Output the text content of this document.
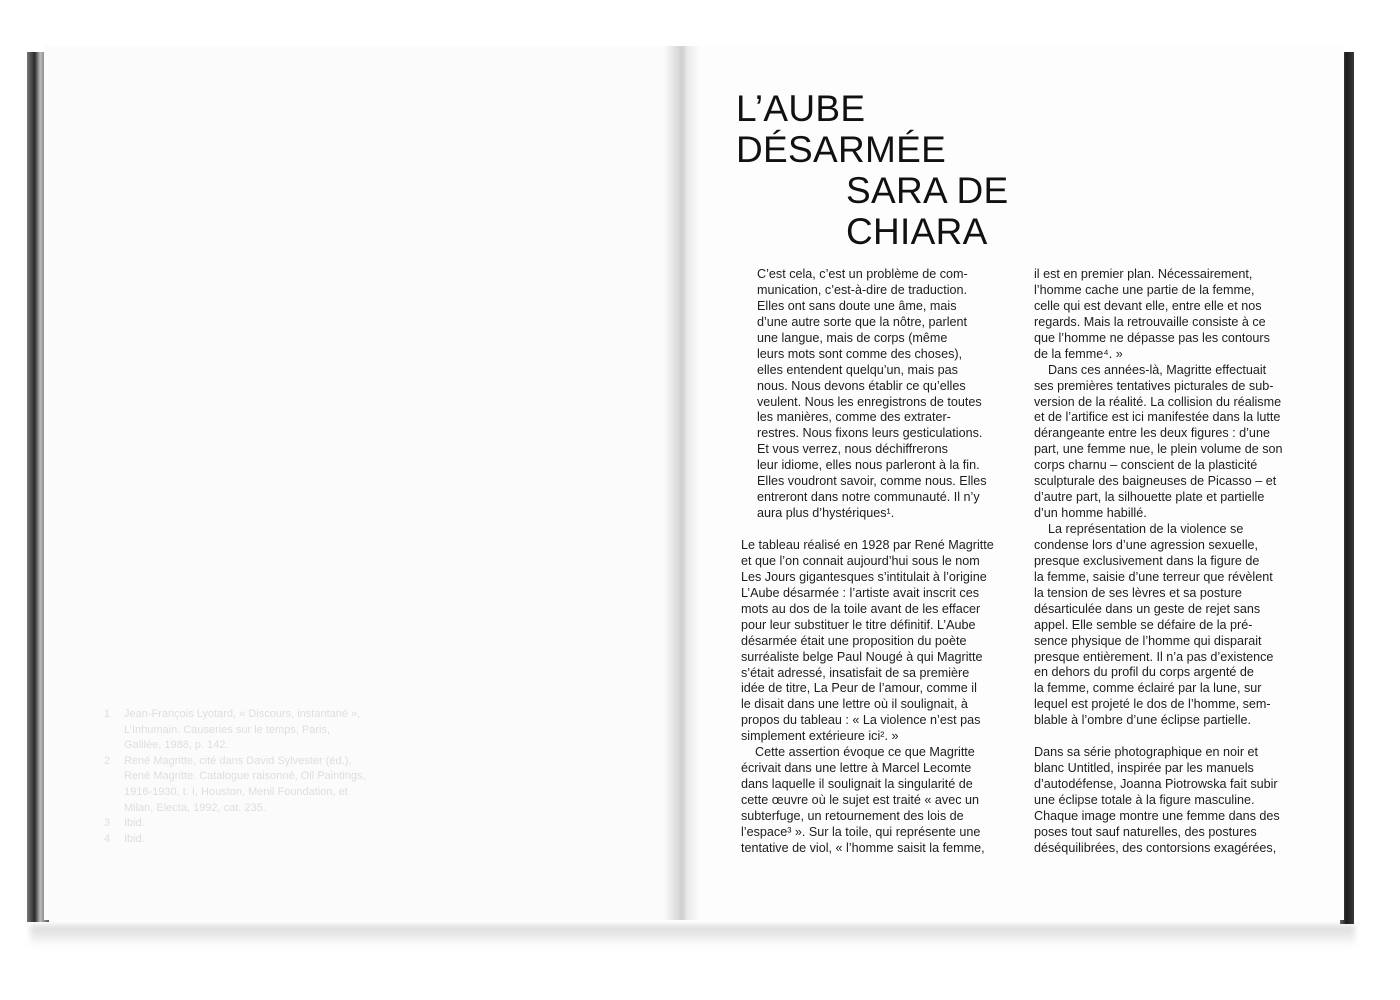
1	Jean-François Lyotard, « Discours, instantané », L’Inhumain. Causeries sur le temps, Paris, Galilée, 1988, p. 142.
2	René Magritte, cité dans David Sylvester (éd.), René Magritte. Catalogue raisonné, Oil Paintings, 1916-1930, t. I, Houston, Menil Foundation, et Milan, Electa, 1992, cat. 235.
3	Ibid.
4	Ibid.
L’AUBE
DÉSARMÉE
SARA DE
CHIARA
C’est cela, c’est un problème de com-
munication, c’est-à-dire de traduction.
Elles ont sans doute une âme, mais
d’une autre sorte que la nôtre, parlent
une langue, mais de corps (même
leurs mots sont comme des choses),
elles entendent quelqu’un, mais pas
nous. Nous devons établir ce qu’elles
veulent. Nous les enregistrons de toutes
les manières, comme des extrater-
restres. Nous fixons leurs gesticulations.
Et vous verrez, nous déchiffrerons
leur idiome, elles nous parleront à la fin.
Elles voudront savoir, comme nous. Elles
entreront dans notre communauté. Il n’y
aura plus d’hystériques¹.
Le tableau réalisé en 1928 par René Magritte
et que l’on connait aujourd’hui sous le nom
Les Jours gigantesques s’intitulait à l’origine
L’Aube désarmée : l’artiste avait inscrit ces
mots au dos de la toile avant de les effacer
pour leur substituer le titre définitif. L’Aube
désarmée était une proposition du poète
surréaliste belge Paul Nougé à qui Magritte
s’était adressé, insatisfait de sa première
idée de titre, La Peur de l’amour, comme il
le disait dans une lettre où il soulignait, à
propos du tableau : « La violence n’est pas
simplement extérieure ici². »
Cette assertion évoque ce que Magritte
écrivait dans une lettre à Marcel Lecomte
dans laquelle il soulignait la singularité de
cette œuvre où le sujet est traité « avec un
subterfuge, un retournement des lois de
l’espace³ ». Sur la toile, qui représente une
tentative de viol, « l’homme saisit la femme,
il est en premier plan. Nécessairement,
l’homme cache une partie de la femme,
celle qui est devant elle, entre elle et nos
regards. Mais la retrouvaille consiste à ce
que l’homme ne dépasse pas les contours
de la femme⁴. »
Dans ces années-là, Magritte effectuait
ses premières tentatives picturales de sub-
version de la réalité. La collision du réalisme
et de l’artifice est ici manifestée dans la lutte
dérangeante entre les deux figures : d’une
part, une femme nue, le plein volume de son
corps charnu – conscient de la plasticité
sculpturale des baigneuses de Picasso – et
d’autre part, la silhouette plate et partielle
d’un homme habillé.
La représentation de la violence se
condense lors d’une agression sexuelle,
presque exclusivement dans la figure de
la femme, saisie d’une terreur que révèlent
la tension de ses lèvres et sa posture
désarticulée dans un geste de rejet sans
appel. Elle semble se défaire de la pré-
sence physique de l’homme qui disparait
presque entièrement. Il n’a pas d’existence
en dehors du profil du corps argenté de
la femme, comme éclairé par la lune, sur
lequel est projeté le dos de l’homme, sem-
blable à l’ombre d’une éclipse partielle.
Dans sa série photographique en noir et
blanc Untitled, inspirée par les manuels
d’autodéfense, Joanna Piotrowska fait subir
une éclipse totale à la figure masculine.
Chaque image montre une femme dans des
poses tout sauf naturelles, des postures
déséquilibrées, des contorsions exagérées,
